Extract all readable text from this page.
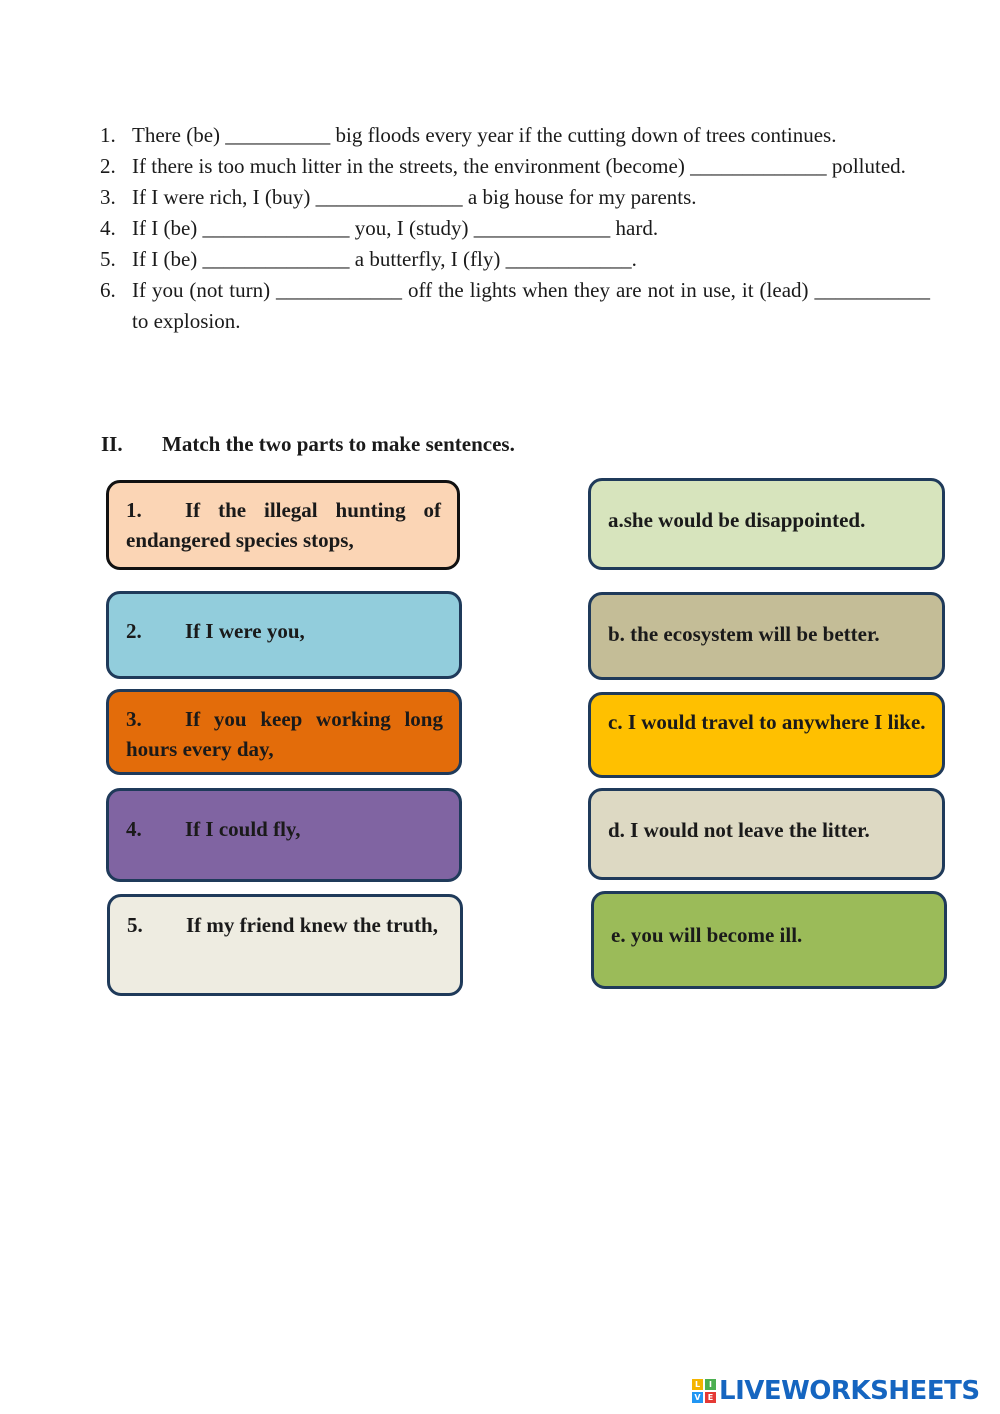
1. There (be) __________ big floods every year if the cutting down of trees continues.
2. If there is too much litter in the streets, the environment (become) _____________ polluted.
3. If I were rich, I (buy) ______________ a big house for my parents.
4. If I (be) ______________ you, I (study) _____________ hard.
5. If I (be) ______________ a butterfly, I (fly) ____________.
6. If you (not turn) ____________ off the lights when they are not in use, it (lead) ___________ to explosion.
II. Match the two parts to make sentences.
1. If the illegal hunting of endangered species stops,
2. If I were you,
3. If you keep working long hours every day,
4. If I could fly,
5. If my friend knew the truth,
a.she would be disappointed.
b. the ecosystem will be better.
c. I would travel to anywhere I like.
d. I would not leave the litter.
e. you will become ill.
L	I
V E LIVEWORKSHEETS
